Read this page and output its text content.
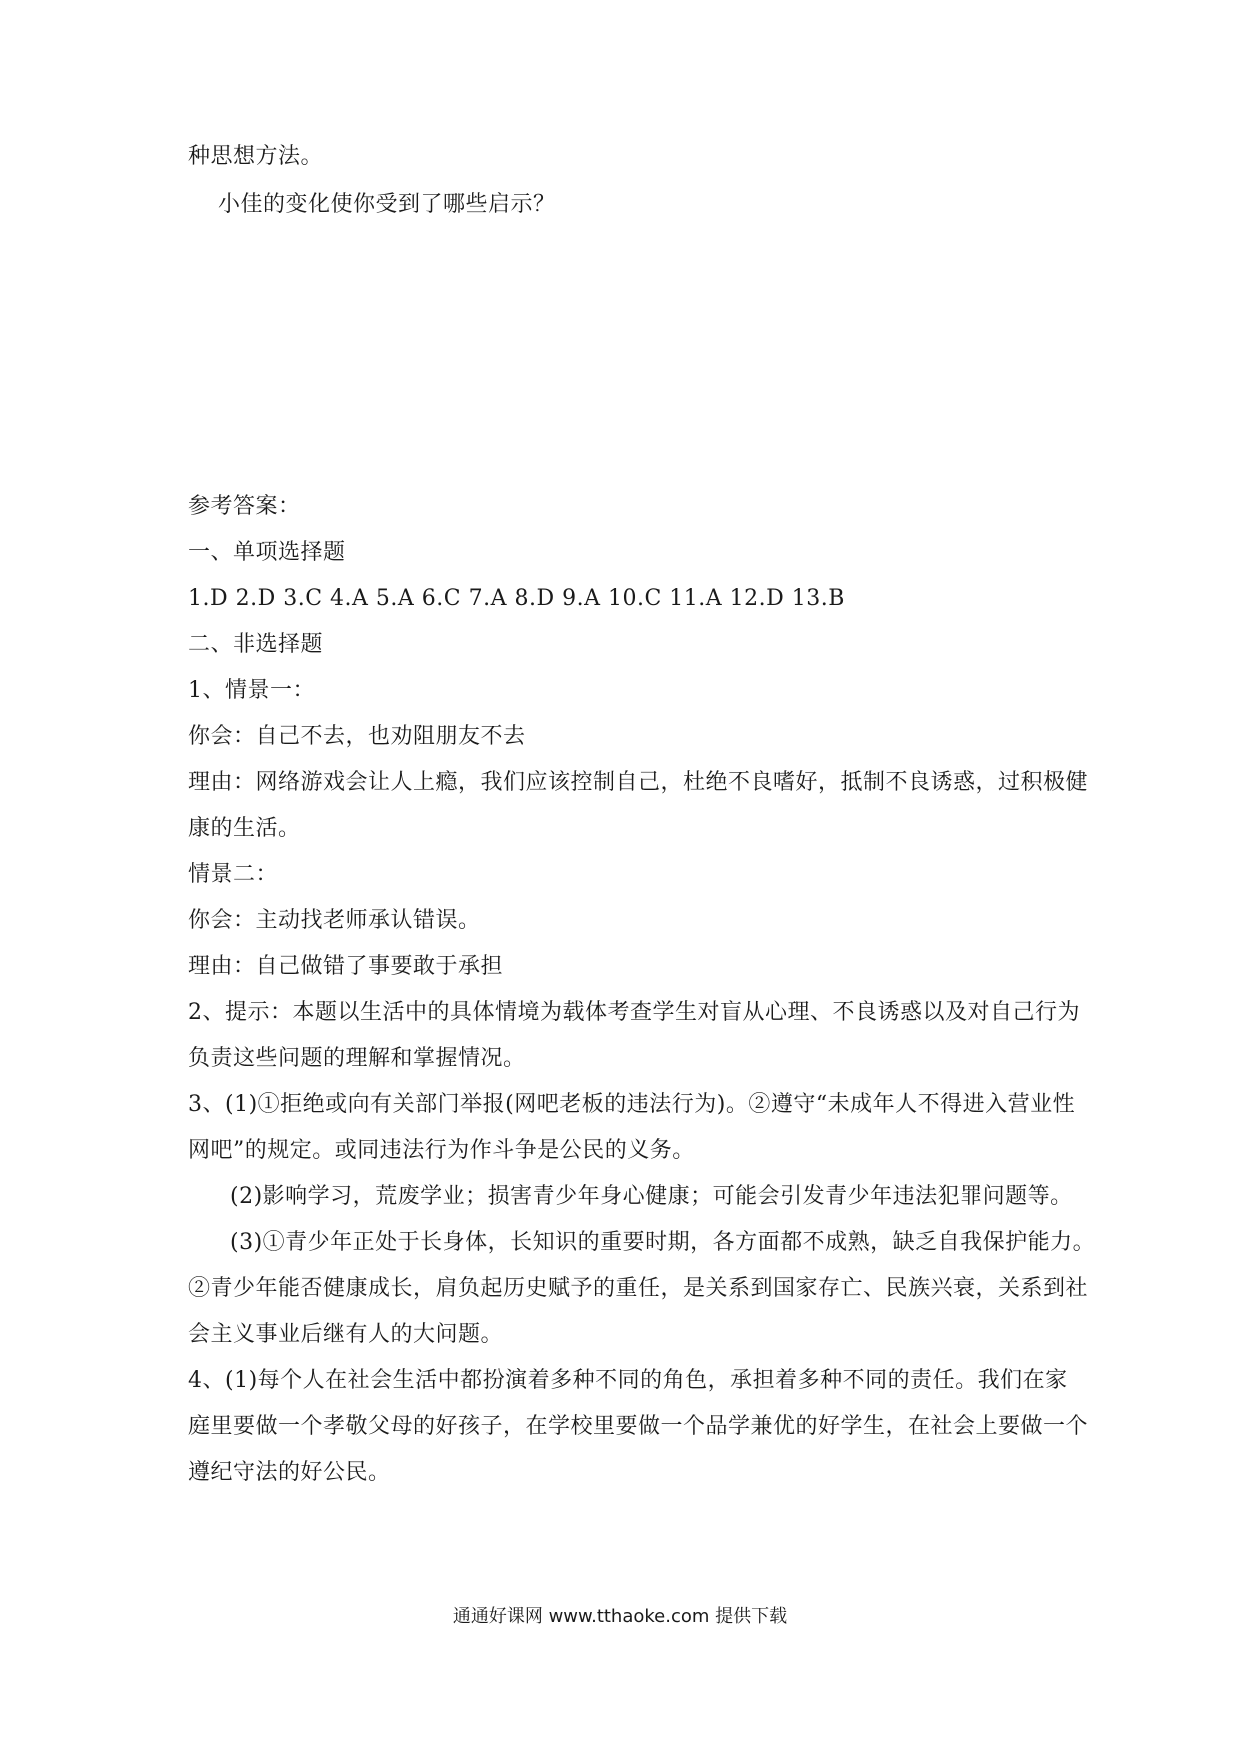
种思想方法。
小佳的变化使你受到了哪些启示？
参考答案：
一、单项选择题
1.D 2.D 3.C 4.A 5.A 6.C 7.A 8.D 9.A 10.C 11.A 12.D 13.B
二、非选择题
1、情景一：
你会：自己不去，也劝阻朋友不去
理由：网络游戏会让人上瘾，我们应该控制自己，杜绝不良嗜好，抵制不良诱惑，过积极健
康的生活。
情景二：
你会：主动找老师承认错误。
理由：自己做错了事要敢于承担
2、提示：本题以生活中的具体情境为载体考查学生对盲从心理、不良诱惑以及对自己行为
负责这些问题的理解和掌握情况。
3、(1)①拒绝或向有关部门举报(网吧老板的违法行为)。②遵守“未成年人不得进入营业性
网吧”的规定。或同违法行为作斗争是公民的义务。
(2)影响学习，荒废学业；损害青少年身心健康；可能会引发青少年违法犯罪问题等。
(3)①青少年正处于长身体，长知识的重要时期，各方面都不成熟，缺乏自我保护能力。
②青少年能否健康成长，肩负起历史赋予的重任，是关系到国家存亡、民族兴衰，关系到社
会主义事业后继有人的大问题。
4、(1)每个人在社会生活中都扮演着多种不同的角色，承担着多种不同的责任。我们在家
庭里要做一个孝敬父母的好孩子，在学校里要做一个品学兼优的好学生，在社会上要做一个
遵纪守法的好公民。
通通好课网 www.tthaoke.com 提供下载
